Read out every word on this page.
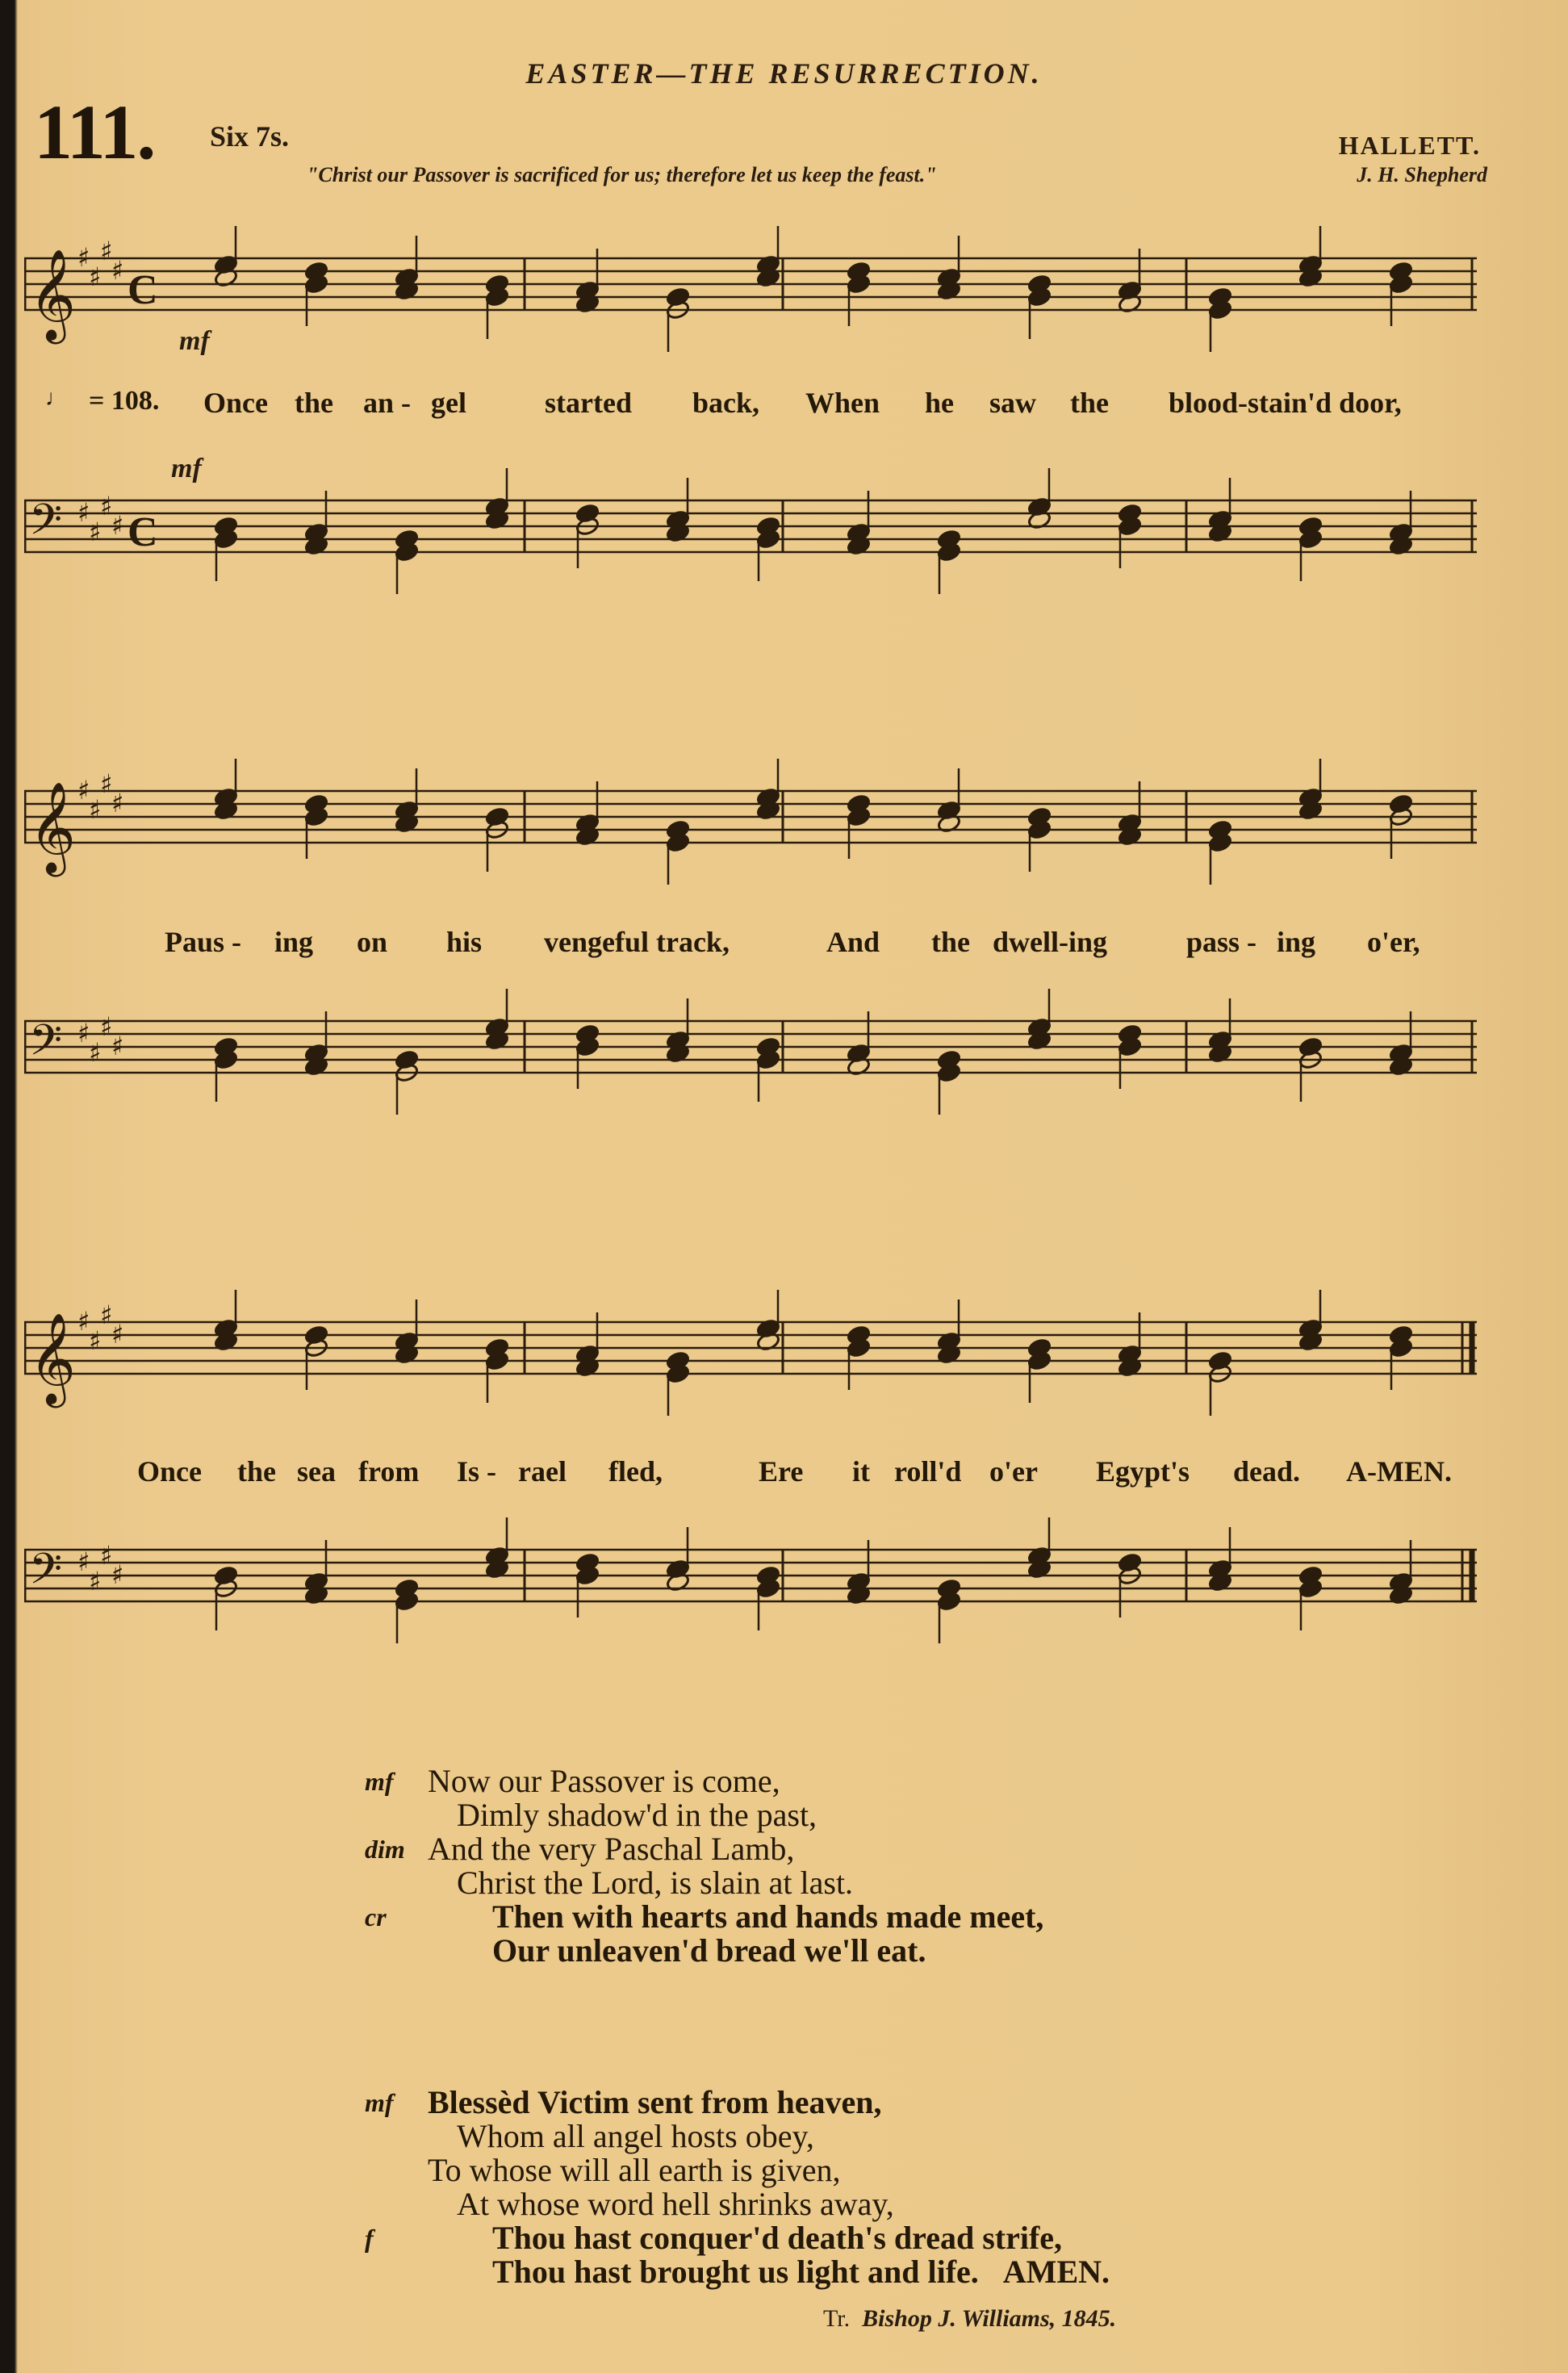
EASTER—THE RESURRECTION.
111. Six 7s.
"Christ our Passover is sacrificed for us; therefore let us keep the feast."
HALLETT.
J. H. Shepherd
𝄞 ♯
♯
♯
♯ C
mf
♩ = 108. Once the an - gel	started back, When he saw the blood-stain'd door,
mf
𝄢 ♯
♯
♯
♯ C
𝄞 ♯
♯
♯
♯
Paus - ing on his vengeful track,	And the dwell-ing	pass - ing o'er,
𝄢 ♯
♯
♯
♯
𝄞 ♯
♯
♯
♯
Once the sea from Is - rael fled,	Ere it roll'd o'er Egypt's dead. A-MEN.
𝄢 ♯
♯
♯
♯
mf Now our Passover is come,
Dimly shadow'd in the past,
dim And the very Paschal Lamb,
Christ the Lord, is slain at last.
cr	Then with hearts and hands made meet,
Our unleaven'd bread we'll eat.
mf Blessèd Victim sent from heaven,
Whom all angel hosts obey,
To whose will all earth is given,
At whose word hell shrinks away,
f	Thou hast conquer'd death's dread strife,
Thou hast brought us light and life. AMEN.
Tr. Bishop J. Williams, 1845.
